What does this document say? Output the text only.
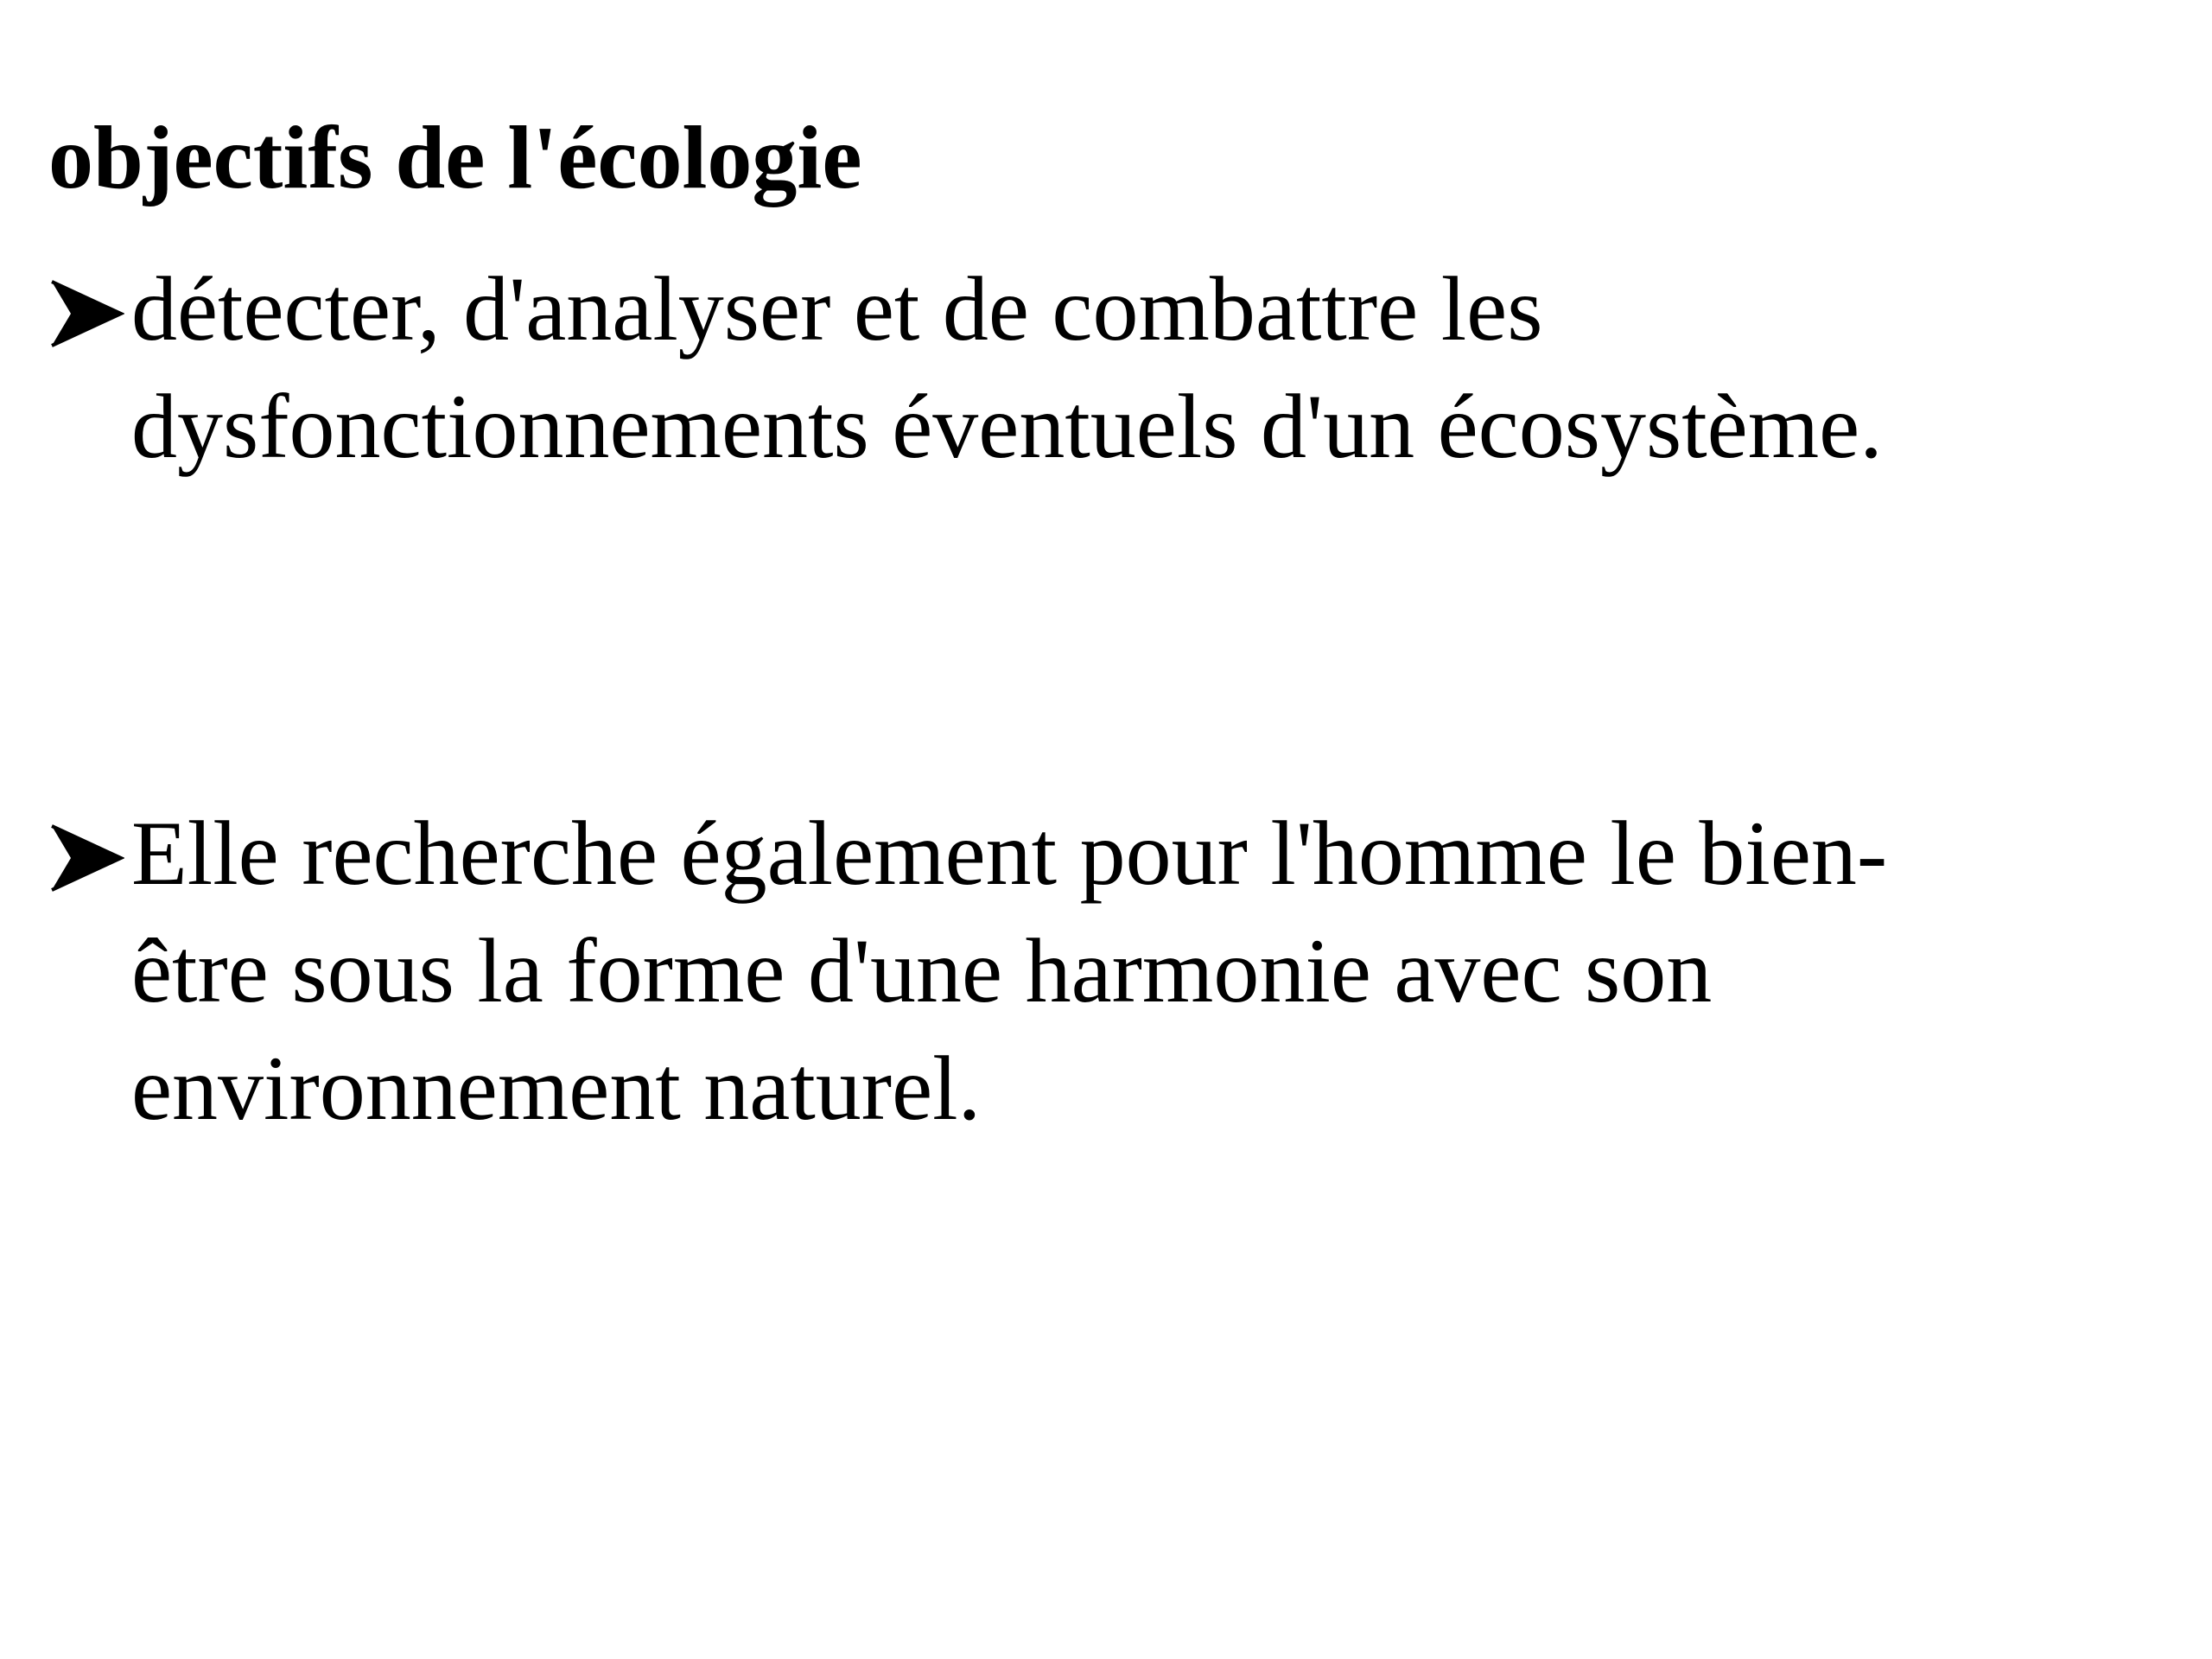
objectifs de l'écologie
détecter, d'analyser et de combattre les
dysfonctionnements éventuels d'un écosystème.
Elle recherche également pour l'homme le bien-
être sous la forme d'une harmonie avec son
environnement naturel.
